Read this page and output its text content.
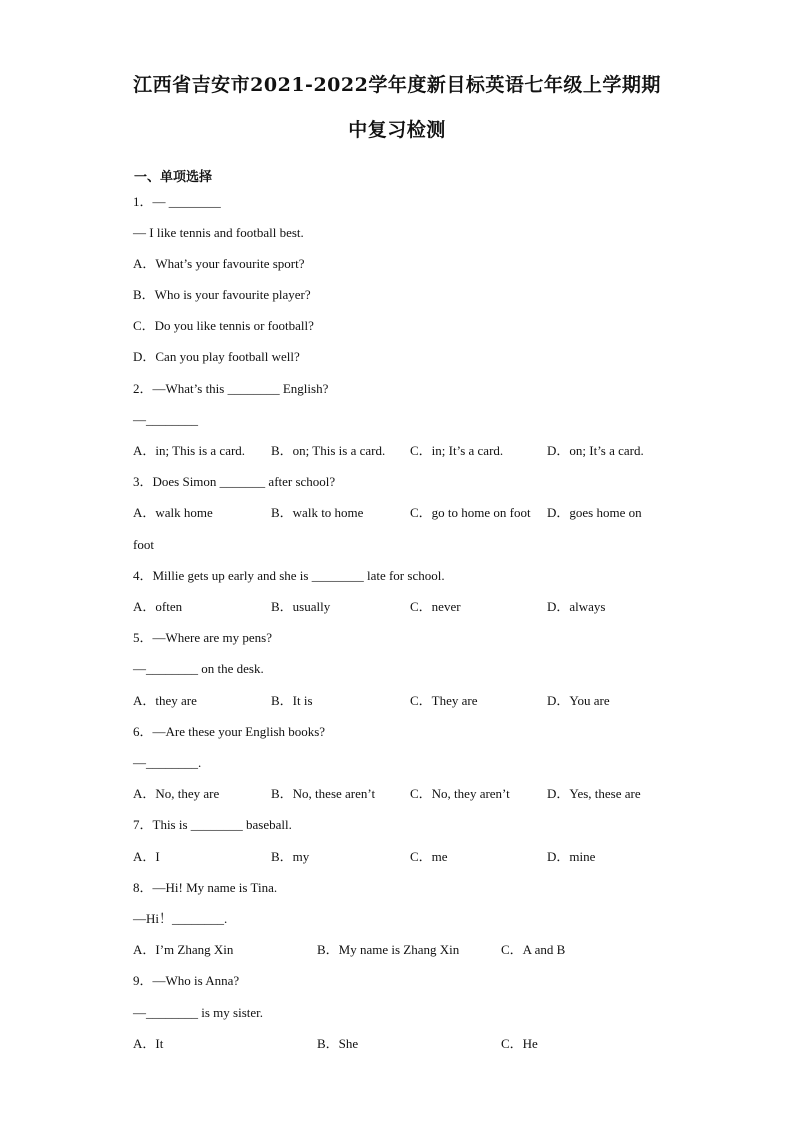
江西省吉安市2021-2022学年度新目标英语七年级上学期期
中复习检测
一、单项选择
1．— ________
— I like tennis and football best.
A．What’s your favourite sport?
B．Who is your favourite player?
C．Do you like tennis or football?
D．Can you play football well?
2．—What’s this ________ English?
—________
A．in; This is a card. B．on; This is a card. C．in; It’s a card.	D．on; It’s a card.
3．Does Simon _______ after school?
A．walk home	B．walk to home	C．go to home on foot D．goes home on
foot
4．Millie gets up early and she is ________ late for school.
A．often	B．usually	C．never	D．always
5．—Where are my pens?
—________ on the desk.
A．they are	B．It is	C．They are	D．You are
6．—Are these your English books?
—________.
A．No, they are	B．No, these aren’t	C．No, they aren’t	D．Yes, these are
7．This is ________ baseball.
A．I	B．my	C．me	D．mine
8．—Hi! My name is Tina.
—Hi！________.
A．I’m Zhang Xin	B．My name is Zhang Xin	C．A and B
9．—Who is Anna?
—________ is my sister.
A．It	B．She	C．He
